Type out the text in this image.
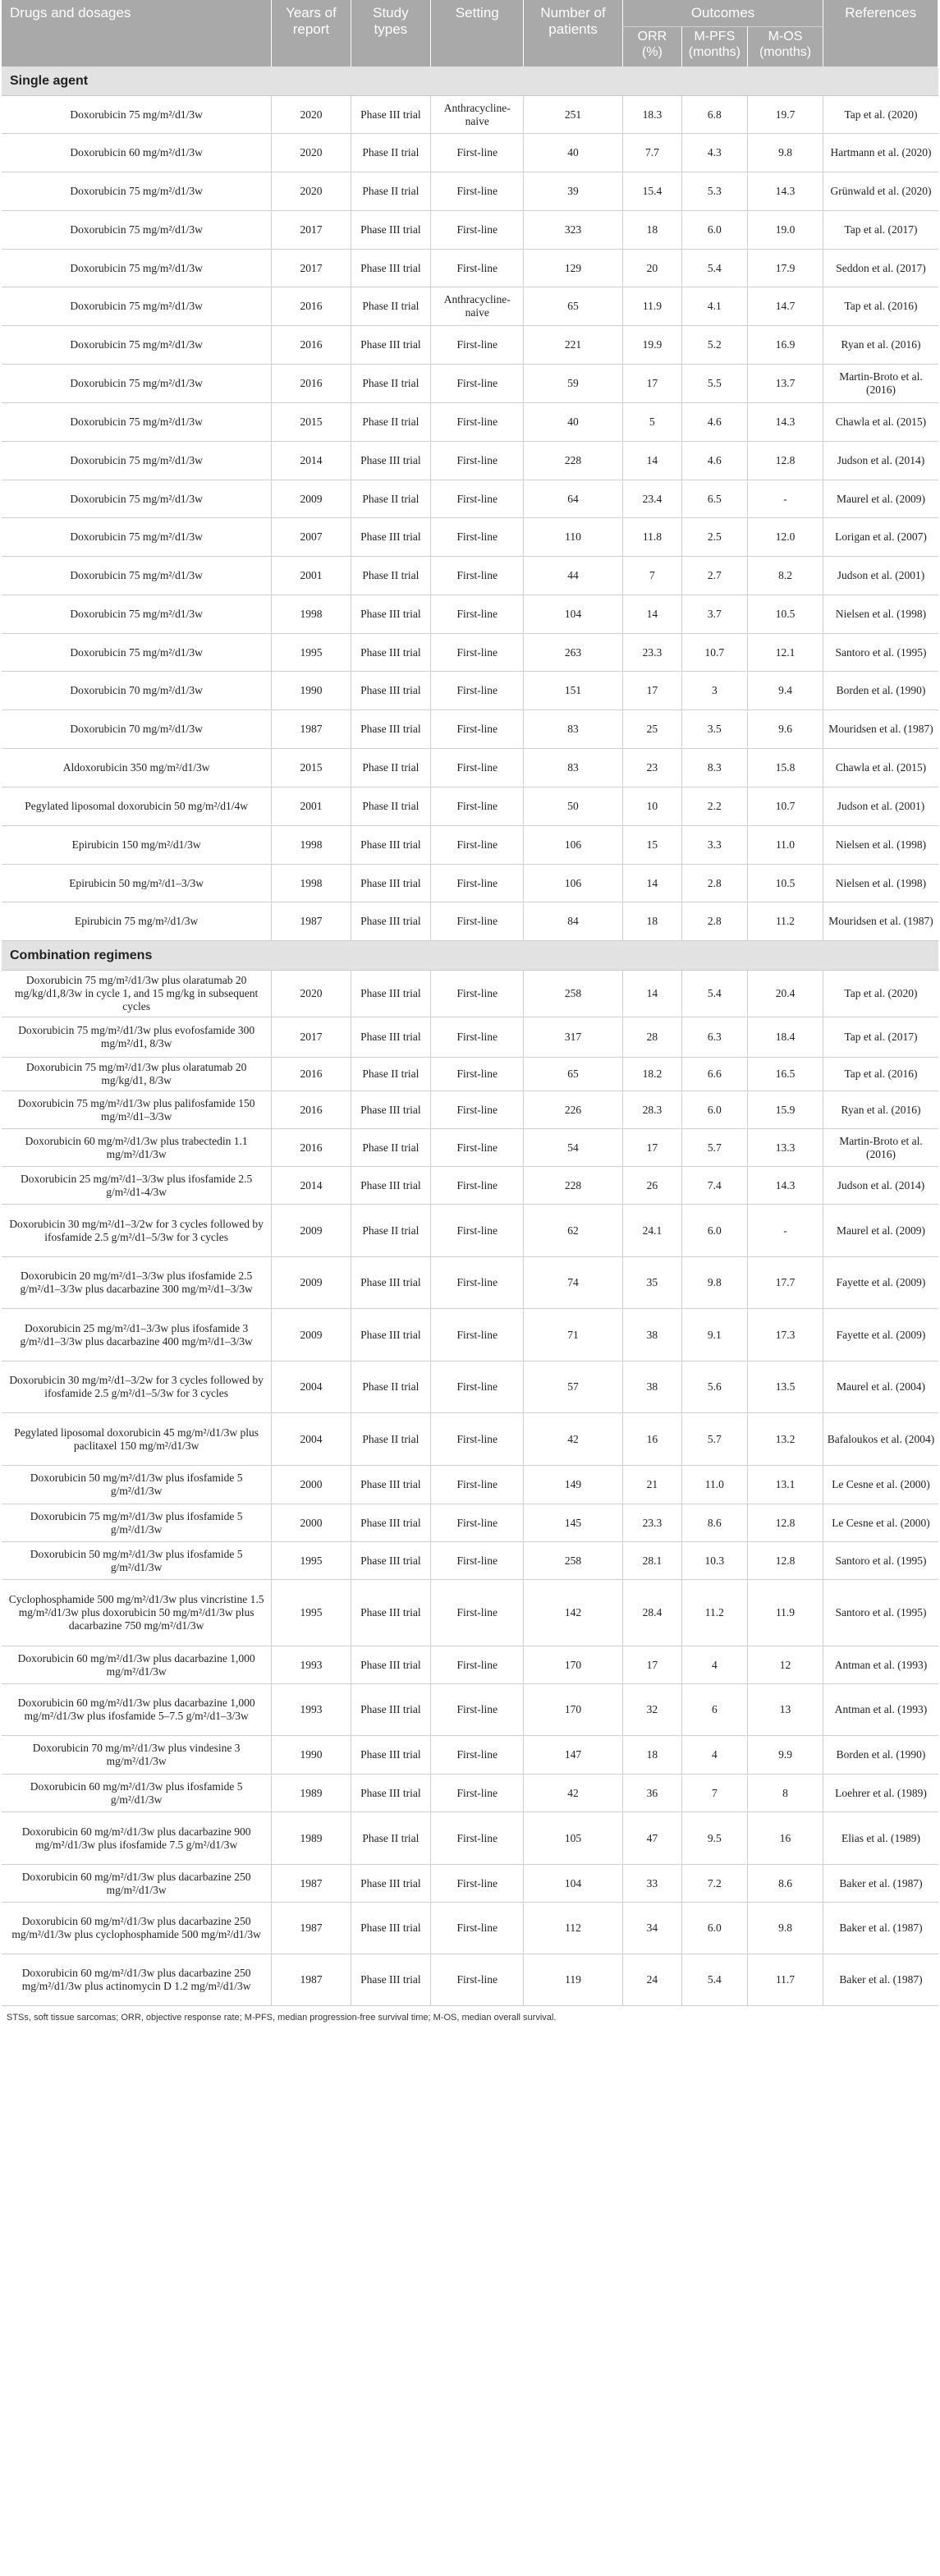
Drugs and dosages	Years of report	Study types	Setting	Number of patients	Outcomes			References
					ORR (%)	M-PFS (months)	M-OS (months)	
Single agent								
Doxorubicin 75 mg/m²/d1/3w	2020	Phase III trial	Anthracycline-naive	251	18.3	6.8	19.7	Tap et al. (2020)
Doxorubicin 60 mg/m²/d1/3w	2020	Phase II trial	First-line	40	7.7	4.3	9.8	Hartmann et al. (2020)
Doxorubicin 75 mg/m²/d1/3w	2020	Phase II trial	First-line	39	15.4	5.3	14.3	Grünwald et al. (2020)
Doxorubicin 75 mg/m²/d1/3w	2017	Phase III trial	First-line	323	18	6.0	19.0	Tap et al. (2017)
Doxorubicin 75 mg/m²/d1/3w	2017	Phase III trial	First-line	129	20	5.4	17.9	Seddon et al. (2017)
Doxorubicin 75 mg/m²/d1/3w	2016	Phase II trial	Anthracycline-naive	65	11.9	4.1	14.7	Tap et al. (2016)
Doxorubicin 75 mg/m²/d1/3w	2016	Phase III trial	First-line	221	19.9	5.2	16.9	Ryan et al. (2016)
Doxorubicin 75 mg/m²/d1/3w	2016	Phase II trial	First-line	59	17	5.5	13.7	Martin-Broto et al. (2016)
Doxorubicin 75 mg/m²/d1/3w	2015	Phase II trial	First-line	40	5	4.6	14.3	Chawla et al. (2015)
Doxorubicin 75 mg/m²/d1/3w	2014	Phase III trial	First-line	228	14	4.6	12.8	Judson et al. (2014)
Doxorubicin 75 mg/m²/d1/3w	2009	Phase II trial	First-line	64	23.4	6.5	-	Maurel et al. (2009)
Doxorubicin 75 mg/m²/d1/3w	2007	Phase III trial	First-line	110	11.8	2.5	12.0	Lorigan et al. (2007)
Doxorubicin 75 mg/m²/d1/3w	2001	Phase II trial	First-line	44	7	2.7	8.2	Judson et al. (2001)
Doxorubicin 75 mg/m²/d1/3w	1998	Phase III trial	First-line	104	14	3.7	10.5	Nielsen et al. (1998)
Doxorubicin 75 mg/m²/d1/3w	1995	Phase III trial	First-line	263	23.3	10.7	12.1	Santoro et al. (1995)
Doxorubicin 70 mg/m²/d1/3w	1990	Phase III trial	First-line	151	17	3	9.4	Borden et al. (1990)
Doxorubicin 70 mg/m²/d1/3w	1987	Phase III trial	First-line	83	25	3.5	9.6	Mouridsen et al. (1987)
Aldoxorubicin 350 mg/m²/d1/3w	2015	Phase II trial	First-line	83	23	8.3	15.8	Chawla et al. (2015)
Pegylated liposomal doxorubicin 50 mg/m²/d1/4w	2001	Phase II trial	First-line	50	10	2.2	10.7	Judson et al. (2001)
Epirubicin 150 mg/m²/d1/3w	1998	Phase III trial	First-line	106	15	3.3	11.0	Nielsen et al. (1998)
Epirubicin 50 mg/m²/d1–3/3w	1998	Phase III trial	First-line	106	14	2.8	10.5	Nielsen et al. (1998)
Epirubicin 75 mg/m²/d1/3w	1987	Phase III trial	First-line	84	18	2.8	11.2	Mouridsen et al. (1987)
Combination regimens								
Doxorubicin 75 mg/m²/d1/3w plus olaratumab 20 mg/kg/d1,8/3w in cycle 1, and 15 mg/kg in subsequent cycles	2020	Phase III trial	First-line	258	14	5.4	20.4	Tap et al. (2020)
Doxorubicin 75 mg/m²/d1/3w plus evofosfamide 300 mg/m²/d1, 8/3w	2017	Phase III trial	First-line	317	28	6.3	18.4	Tap et al. (2017)
Doxorubicin 75 mg/m²/d1/3w plus olaratumab 20 mg/kg/d1, 8/3w	2016	Phase II trial	First-line	65	18.2	6.6	16.5	Tap et al. (2016)
Doxorubicin 75 mg/m²/d1/3w plus palifosfamide 150 mg/m²/d1–3/3w	2016	Phase III trial	First-line	226	28.3	6.0	15.9	Ryan et al. (2016)
Doxorubicin 60 mg/m²/d1/3w plus trabectedin 1.1 mg/m²/d1/3w	2016	Phase II trial	First-line	54	17	5.7	13.3	Martin-Broto et al. (2016)
Doxorubicin 25 mg/m²/d1–3/3w plus ifosfamide 2.5 g/m²/d1-4/3w	2014	Phase III trial	First-line	228	26	7.4	14.3	Judson et al. (2014)
Doxorubicin 30 mg/m²/d1–3/2w for 3 cycles followed by ifosfamide 2.5 g/m²/d1–5/3w for 3 cycles	2009	Phase II trial	First-line	62	24.1	6.0	-	Maurel et al. (2009)
Doxorubicin 20 mg/m²/d1–3/3w plus ifosfamide 2.5 g/m²/d1–3/3w plus dacarbazine 300 mg/m²/d1–3/3w	2009	Phase III trial	First-line	74	35	9.8	17.7	Fayette et al. (2009)
Doxorubicin 25 mg/m²/d1–3/3w plus ifosfamide 3 g/m²/d1–3/3w plus dacarbazine 400 mg/m²/d1–3/3w	2009	Phase III trial	First-line	71	38	9.1	17.3	Fayette et al. (2009)
Doxorubicin 30 mg/m²/d1–3/2w for 3 cycles followed by ifosfamide 2.5 g/m²/d1–5/3w for 3 cycles	2004	Phase II trial	First-line	57	38	5.6	13.5	Maurel et al. (2004)
Pegylated liposomal doxorubicin 45 mg/m²/d1/3w plus paclitaxel 150 mg/m²/d1/3w	2004	Phase II trial	First-line	42	16	5.7	13.2	Bafaloukos et al. (2004)
Doxorubicin 50 mg/m²/d1/3w plus ifosfamide 5 g/m²/d1/3w	2000	Phase III trial	First-line	149	21	11.0	13.1	Le Cesne et al. (2000)
Doxorubicin 75 mg/m²/d1/3w plus ifosfamide 5 g/m²/d1/3w	2000	Phase III trial	First-line	145	23.3	8.6	12.8	Le Cesne et al. (2000)
Doxorubicin 50 mg/m²/d1/3w plus ifosfamide 5 g/m²/d1/3w	1995	Phase III trial	First-line	258	28.1	10.3	12.8	Santoro et al. (1995)
Cyclophosphamide 500 mg/m²/d1/3w plus vincristine 1.5 mg/m²/d1/3w plus doxorubicin 50 mg/m²/d1/3w plus dacarbazine 750 mg/m²/d1/3w	1995	Phase III trial	First-line	142	28.4	11.2	11.9	Santoro et al. (1995)
Doxorubicin 60 mg/m²/d1/3w plus dacarbazine 1,000 mg/m²/d1/3w	1993	Phase III trial	First-line	170	17	4	12	Antman et al. (1993)
Doxorubicin 60 mg/m²/d1/3w plus dacarbazine 1,000 mg/m²/d1/3w plus ifosfamide 5–7.5 g/m²/d1–3/3w	1993	Phase III trial	First-line	170	32	6	13	Antman et al. (1993)
Doxorubicin 70 mg/m²/d1/3w plus vindesine 3 mg/m²/d1/3w	1990	Phase III trial	First-line	147	18	4	9.9	Borden et al. (1990)
Doxorubicin 60 mg/m²/d1/3w plus ifosfamide 5 g/m²/d1/3w	1989	Phase III trial	First-line	42	36	7	8	Loehrer et al. (1989)
Doxorubicin 60 mg/m²/d1/3w plus dacarbazine 900 mg/m²/d1/3w plus ifosfamide 7.5 g/m²/d1/3w	1989	Phase II trial	First-line	105	47	9.5	16	Elias et al. (1989)
Doxorubicin 60 mg/m²/d1/3w plus dacarbazine 250 mg/m²/d1/3w	1987	Phase III trial	First-line	104	33	7.2	8.6	Baker et al. (1987)
Doxorubicin 60 mg/m²/d1/3w plus dacarbazine 250 mg/m²/d1/3w plus cyclophosphamide 500 mg/m²/d1/3w	1987	Phase III trial	First-line	112	34	6.0	9.8	Baker et al. (1987)
Doxorubicin 60 mg/m²/d1/3w plus dacarbazine 250 mg/m²/d1/3w plus actinomycin D 1.2 mg/m²/d1/3w	1987	Phase III trial	First-line	119	24	5.4	11.7	Baker et al. (1987)
STSs, soft tissue sarcomas; ORR, objective response rate; M-PFS, median progression-free survival time; M-OS, median overall survival.
